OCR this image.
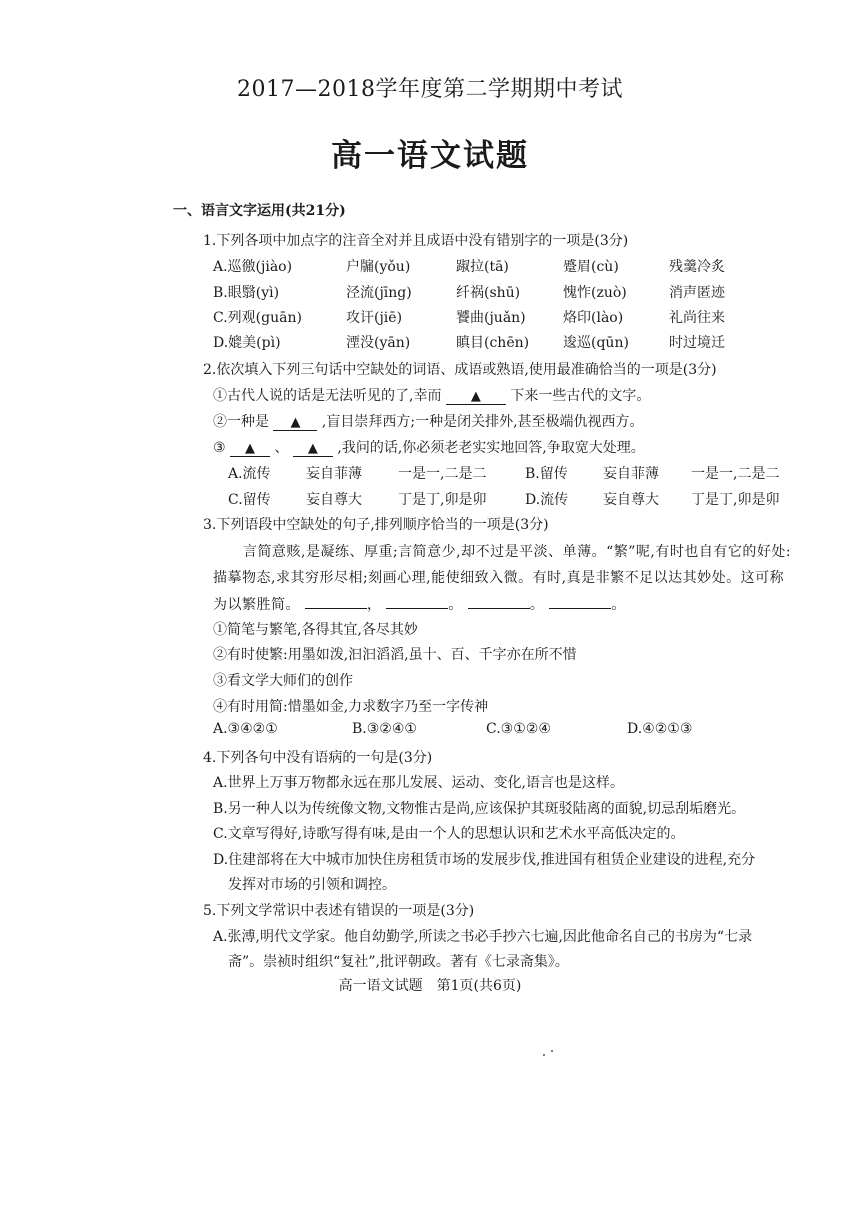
2017—2018学年度第二学期期中考试
高一语文试题
一、语言文字运用(共21分)
1.下列各项中加点字的注音全对并且成语中没有错别字的一项是(3分)
A.巡徼(jiào)	户牖(yǒu)	踧拉(tā)	蹙眉(cù)	残羹冷炙
B.眼翳(yì)	泾流(jīng)	纤祸(shū)	愧怍(zuò)	消声匿迹
C.列观(guān)	攻讦(jiē)	饕曲(juǎn)	烙印(lào)	礼尚往来
D.媲美(pì)	湮没(yān)	瞋目(chēn) 逡巡(qūn)	时过境迁
2.依次填入下列三句话中空缺处的词语、成语或熟语,使用最准确恰当的一项是(3分)
①古代人说的话是无法听见的了,幸而 ▲ 下来一些古代的文字。
②一种是 ▲ ,盲目崇拜西方;一种是闭关排外,甚至极端仇视西方。
③ ▲ 、 ▲ ,我问的话,你必须老老实实地回答,争取宽大处理。
A.流传	妄自菲薄	一是一,二是二	B.留传	妄自菲薄 一是一,二是二
C.留传	妄自尊大	丁是丁,卯是卯	D.流传 妄自尊大 丁是丁,卯是卯
3.下列语段中空缺处的句子,排列顺序恰当的一项是(3分)
言简意赅,是凝练、厚重;言简意少,却不过是平淡、单薄。“繁”呢,有时也自有它的好处:
描摹物态,求其穷形尽相;刻画心理,能使细致入微。有时,真是非繁不足以达其妙处。这可称
为以繁胜简。	，	。	。	。
①简笔与繁笔,各得其宜,各尽其妙
②有时使繁:用墨如泼,汩汩滔滔,虽十、百、千字亦在所不惜
③看文学大师们的创作
④有时用简:惜墨如金,力求数字乃至一字传神
A.③④②①	B.③②④①	C.③①②④	D.④②①③
4.下列各句中没有语病的一句是(3分)
A.世界上万事万物都永远在那儿发展、运动、变化,语言也是这样。
B.另一种人以为传统像文物,文物惟古是尚,应该保护其斑驳陆离的面貌,切忌刮垢磨光。
C.文章写得好,诗歌写得有味,是由一个人的思想认识和艺术水平高低决定的。
D.住建部将在大中城市加快住房租赁市场的发展步伐,推进国有租赁企业建设的进程,充分
发挥对市场的引领和调控。
5.下列文学常识中表述有错误的一项是(3分)
A.张溥,明代文学家。他自幼勤学,所读之书必手抄六七遍,因此他命名自己的书房为“七录
斋”。崇祯时组织“复社”,批评朝政。著有《七录斋集》。
高一语文试题　第1页(共6页)
